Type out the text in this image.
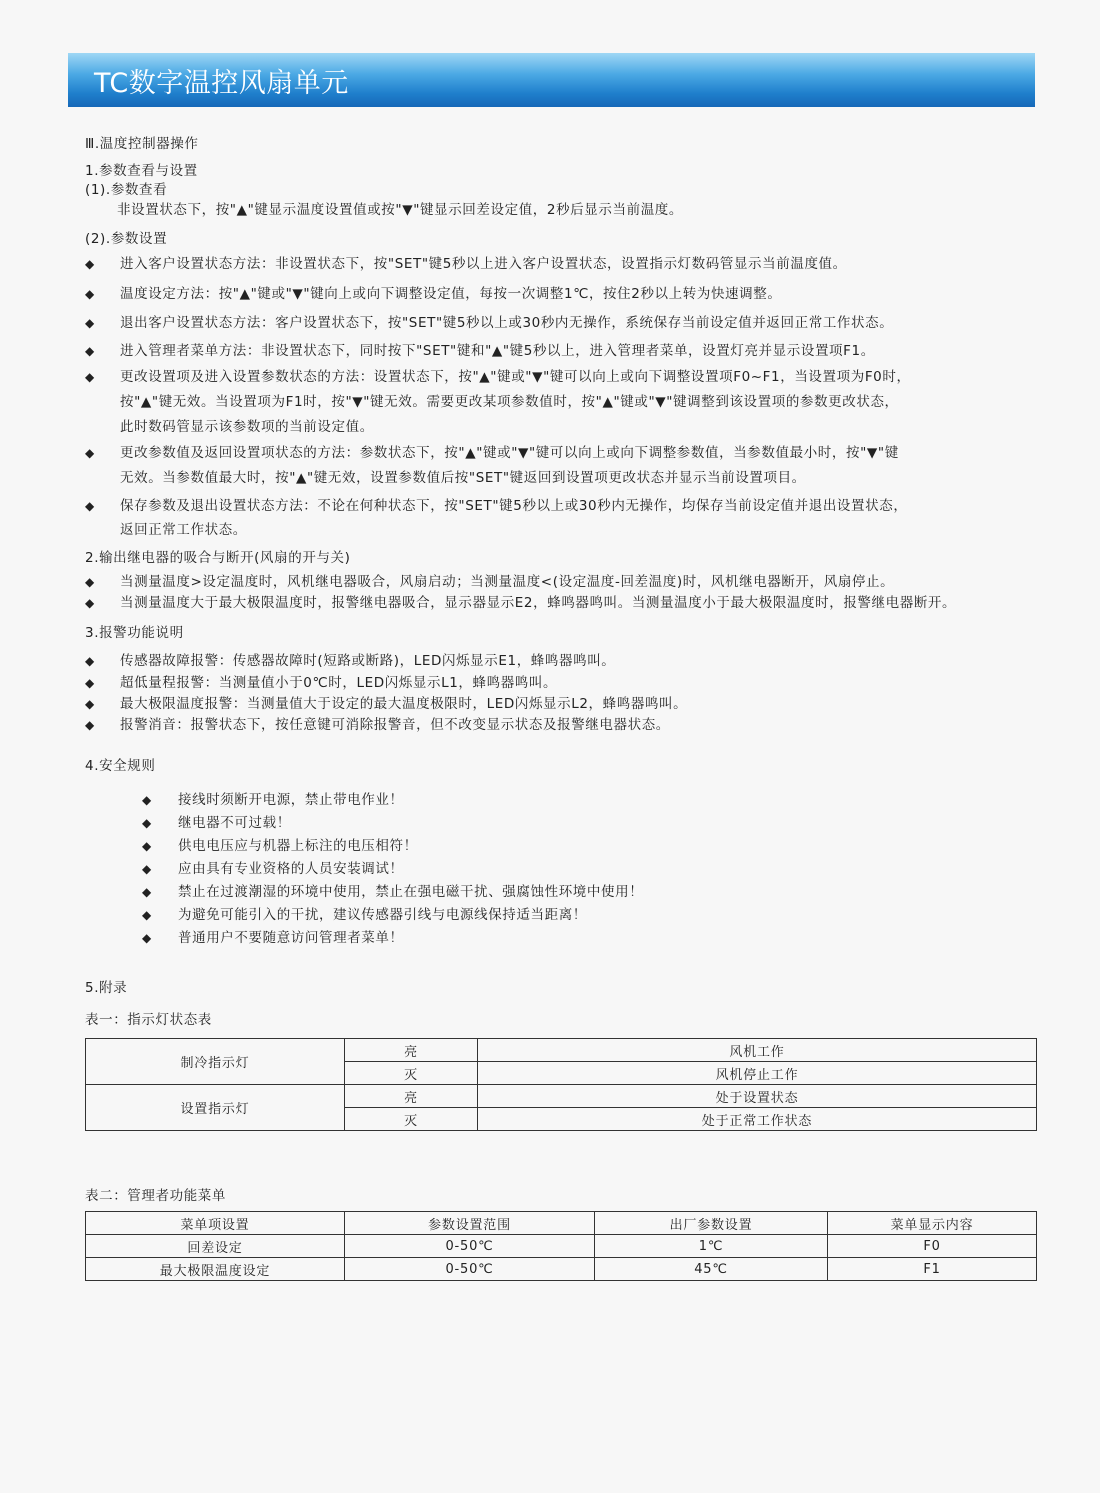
TC数字温控风扇单元
Ⅲ.温度控制器操作
1.参数查看与设置
(1).参数查看
非设置状态下，按"▲"键显示温度设置值或按"▼"键显示回差设定值，2秒后显示当前温度。
(2).参数设置
◆ 进入客户设置状态方法：非设置状态下，按"SET"键5秒以上进入客户设置状态，设置指示灯数码管显示当前温度值。
◆ 温度设定方法：按"▲"键或"▼"键向上或向下调整设定值，每按一次调整1℃，按住2秒以上转为快速调整。
◆ 退出客户设置状态方法：客户设置状态下，按"SET"键5秒以上或30秒内无操作，系统保存当前设定值并返回正常工作状态。
◆ 进入管理者菜单方法：非设置状态下，同时按下"SET"键和"▲"键5秒以上，进入管理者菜单，设置灯亮并显示设置项F1。
◆ 更改设置项及进入设置参数状态的方法：设置状态下，按"▲"键或"▼"键可以向上或向下调整设置项F0~F1，当设置项为F0时，
按"▲"键无效。当设置项为F1时，按"▼"键无效。需要更改某项参数值时，按"▲"键或"▼"键调整到该设置项的参数更改状态，
此时数码管显示该参数项的当前设定值。
◆ 更改参数值及返回设置项状态的方法：参数状态下，按"▲"键或"▼"键可以向上或向下调整参数值，当参数值最小时，按"▼"键
无效。当参数值最大时，按"▲"键无效，设置参数值后按"SET"键返回到设置项更改状态并显示当前设置项目。
◆ 保存参数及退出设置状态方法：不论在何种状态下，按"SET"键5秒以上或30秒内无操作，均保存当前设定值并退出设置状态，
返回正常工作状态。
2.输出继电器的吸合与断开(风扇的开与关)
◆ 当测量温度>设定温度时，风机继电器吸合，风扇启动；当测量温度<(设定温度-回差温度)时，风机继电器断开，风扇停止。
◆ 当测量温度大于最大极限温度时，报警继电器吸合，显示器显示E2，蜂鸣器鸣叫。当测量温度小于最大极限温度时，报警继电器断开。
3.报警功能说明
◆ 传感器故障报警：传感器故障时(短路或断路)，LED闪烁显示E1，蜂鸣器鸣叫。
◆ 超低量程报警：当测量值小于0℃时，LED闪烁显示L1，蜂鸣器鸣叫。
◆ 最大极限温度报警：当测量值大于设定的最大温度极限时，LED闪烁显示L2，蜂鸣器鸣叫。
◆ 报警消音：报警状态下，按任意键可消除报警音，但不改变显示状态及报警继电器状态。
4.安全规则
◆ 接线时须断开电源，禁止带电作业！
◆ 继电器不可过载！
◆ 供电电压应与机器上标注的电压相符！
◆ 应由具有专业资格的人员安装调试！
◆ 禁止在过渡潮湿的环境中使用，禁止在强电磁干扰、强腐蚀性环境中使用！
◆ 为避免可能引入的干扰，建议传感器引线与电源线保持适当距离！
◆ 普通用户不要随意访问管理者菜单！
5.附录
表一：指示灯状态表
制冷指示灯	亮	风机工作
	灭	风机停止工作
设置指示灯	亮	处于设置状态
	灭	处于正常工作状态
表二：管理者功能菜单
菜单项设置	参数设置范围	出厂参数设置	菜单显示内容
回差设定	0-50℃	1℃	F0
最大极限温度设定	0-50℃	45℃	F1
